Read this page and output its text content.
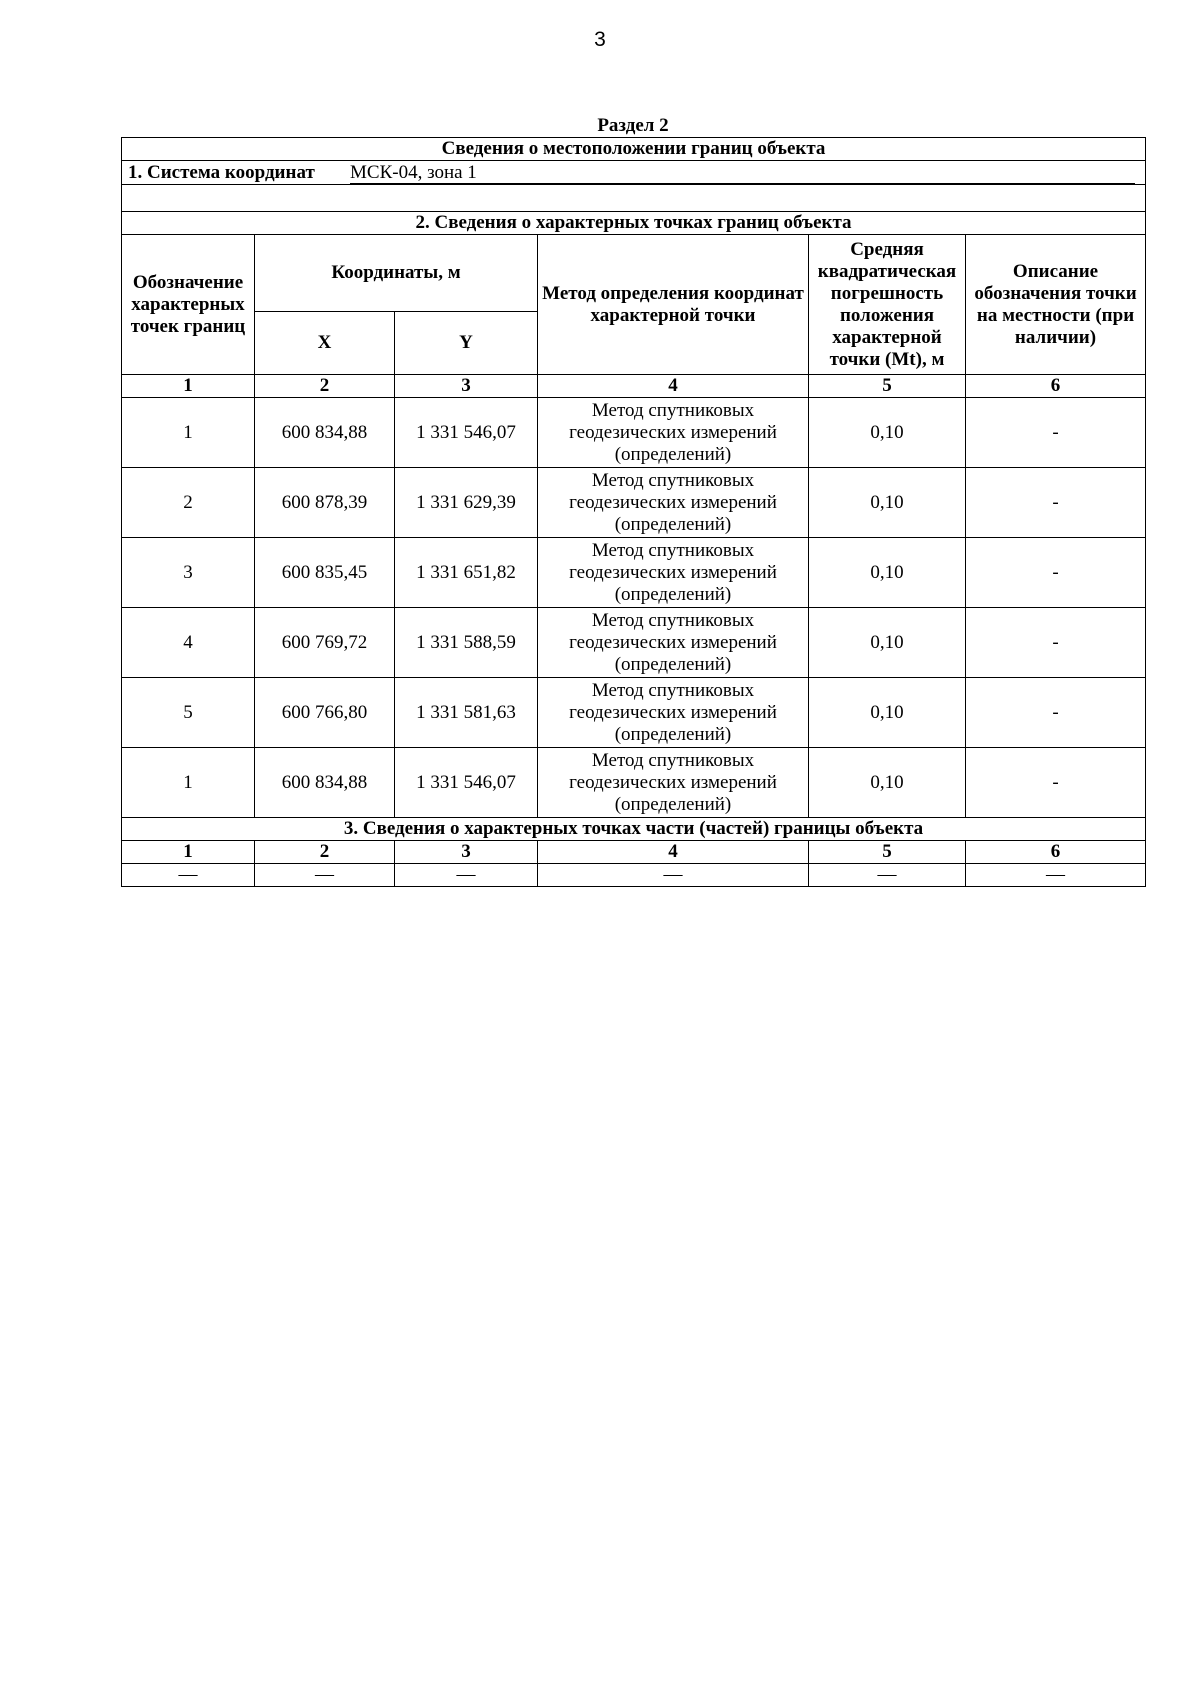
3
Раздел 2
Сведения о местоположении границ объекта					
1. Система координат МСК-04, зона 1					

2. Сведения о характерных точках границ объекта					
Обозначение характерных точек границ	Координаты, м		Метод определения координат характерной точки	Средняя квадратическая погрешность положения характерной точки (Mt), м	Описание обозначения точки на местности (при наличии)
	X	Y			
1	2	3	4	5	6
1	600 834,88	1 331 546,07	Метод спутниковых геодезических измерений (определений)	0,10	-
2	600 878,39	1 331 629,39	Метод спутниковых геодезических измерений (определений)	0,10	-
3	600 835,45	1 331 651,82	Метод спутниковых геодезических измерений (определений)	0,10	-
4	600 769,72	1 331 588,59	Метод спутниковых геодезических измерений (определений)	0,10	-
5	600 766,80	1 331 581,63	Метод спутниковых геодезических измерений (определений)	0,10	-
1	600 834,88	1 331 546,07	Метод спутниковых геодезических измерений (определений)	0,10	-
3. Сведения о характерных точках части (частей) границы объекта					
1	2	3	4	5	6
—	—	—	—	—	—
